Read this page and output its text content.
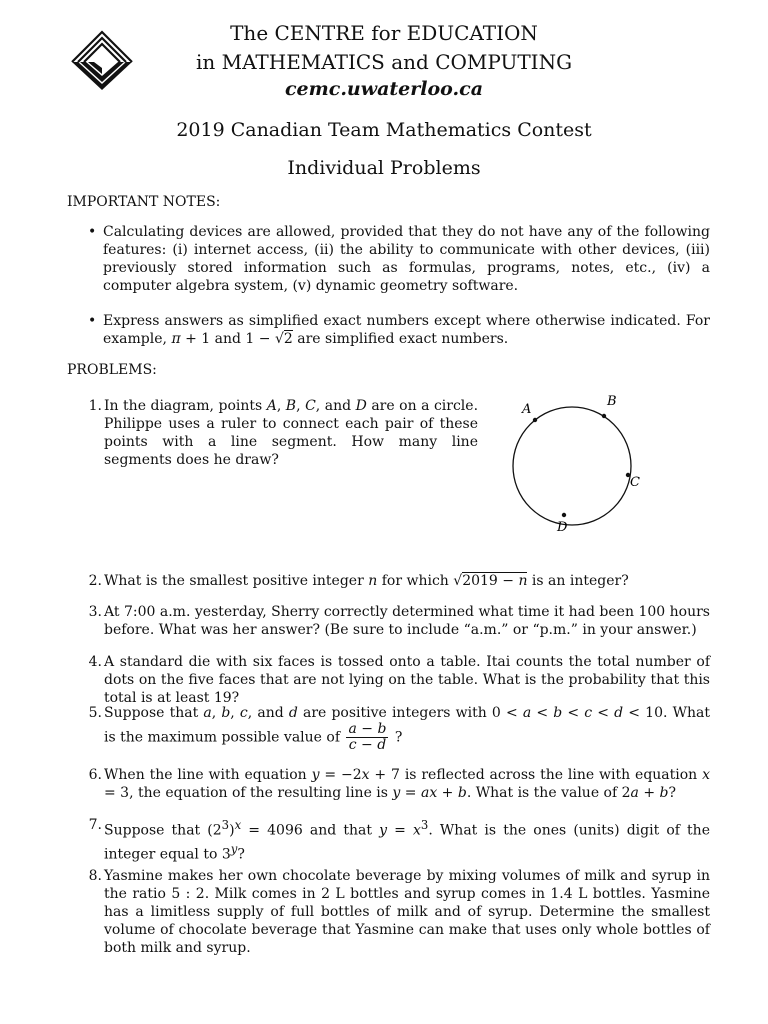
The CENTRE for EDUCATION
in MATHEMATICS and COMPUTING
cemc.uwaterloo.ca
2019 Canadian Team Mathematics Contest
Individual Problems
IMPORTANT NOTES:
• Calculating devices are allowed, provided that they do not have any of the following features: (i) internet access, (ii) the ability to communicate with other devices, (iii) previously stored information such as formulas, programs, notes, etc., (iv) a computer algebra system, (v) dynamic geometry software.
• Express answers as simplified exact numbers except where otherwise indicated. For example, π + 1 and 1 − √2 are simplified exact numbers.
PROBLEMS:
1. In the diagram, points A, B, C, and D are on a circle. Philippe uses a ruler to connect each pair of these points with a line segment. How many line segments does he draw?
A
B
C
D
2. What is the smallest positive integer n for which √2019 − n is an integer?
3. At 7:00 a.m. yesterday, Sherry correctly determined what time it had been 100 hours before. What was her answer? (Be sure to include “a.m.” or “p.m.” in your answer.)
4. A standard die with six faces is tossed onto a table. Itai counts the total number of dots on the five faces that are not lying on the table. What is the probability that this total is at least 19?
5. Suppose that a, b, c, and d are positive integers with 0 < a < b < c < d < 10. What is the maximum possible value of $\frac{a - b}{c - d}$ ?
6. When the line with equation y = −2x + 7 is reflected across the line with equation x = 3, the equation of the resulting line is y = ax + b. What is the value of 2a + b?
7. Suppose that $(2^3)^x = 4096$ and that $y = x^3$. What is the ones (units) digit of the integer equal to 3$^y$?
8. Yasmine makes her own chocolate beverage by mixing volumes of milk and syrup in the ratio 5 : 2. Milk comes in 2 L bottles and syrup comes in 1.4 L bottles. Yasmine has a limitless supply of full bottles of milk and of syrup. Determine the smallest volume of chocolate beverage that Yasmine can make that uses only whole bottles of both milk and syrup.
